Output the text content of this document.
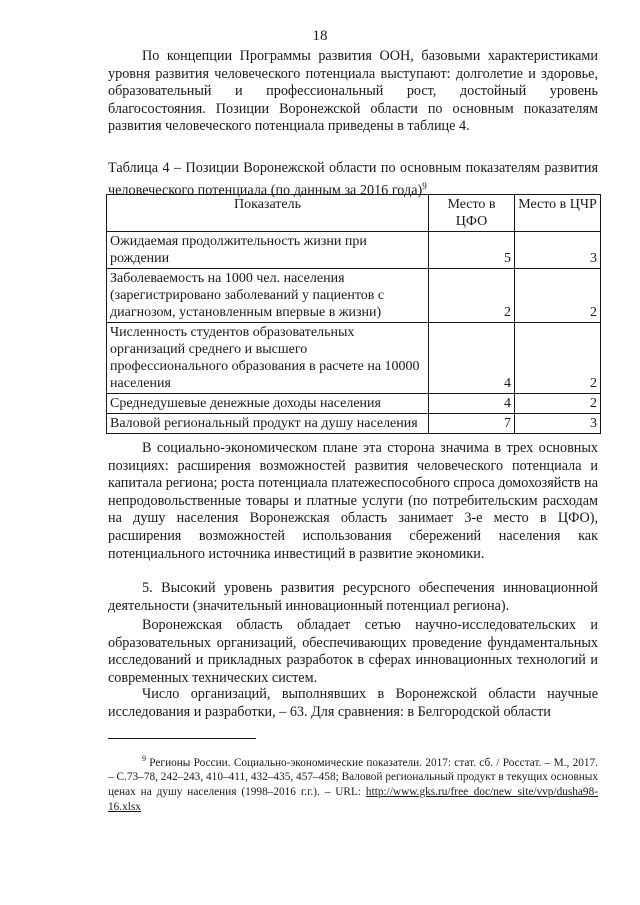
18

По концепции Программы развития ООН, базовыми характеристиками уровня развития человеческого потенциала выступают: долголетие и здоровье, образовательный и профессиональный рост, достойный уровень благосостояния. Позиции Воронежской области по основным показателям развития человеческого потенциала приведены в таблице 4.

Таблица 4 – Позиции Воронежской области по основным показателям развития человеческого потенциала (по данным за 2016 года)$^9$

Показатель	Место в ЦФО	Место в ЦЧР
Ожидаемая продолжительность жизни при рождении	5	3
Заболеваемость на 1000 чел. населения (зарегистрировано заболеваний у пациентов с диагнозом, установленным впервые в жизни)	2	2
Численность студентов образовательных организаций среднего и высшего профессионального образования в расчете на 10000 населения	4	2
Среднедушевые денежные доходы населения	4	2
Валовой региональный продукт на душу населения	7	3

В социально-экономическом плане эта сторона значима в трех основных позициях: расширения возможностей развития человеческого потенциала и капитала региона; роста потенциала платежеспособного спроса домохозяйств на непродовольственные товары и платные услуги (по потребительским расходам на душу населения Воронежская область занимает 3-е место в ЦФО), расширения возможностей использования сбережений населения как потенциального источника инвестиций в развитие экономики.

5. Высокий уровень развития ресурсного обеспечения инновационной деятельности (значительный инновационный потенциал региона).

Воронежская область обладает сетью научно-исследовательских и образовательных организаций, обеспечивающих проведение фундаментальных исследований и прикладных разработок в сферах инновационных технологий и современных технических систем.

Число организаций, выполнявших в Воронежской области научные исследования и разработки, – 63. Для сравнения: в Белгородской области

$^9$ Регионы России. Социально-экономические показатели. 2017: стат. сб. / Росстат. – М., 2017. – С.73–78, 242–243, 410–411, 432–435, 457–458; Валовой региональный продукт в текущих основных ценах на душу населения (1998–2016 г.г.). – URL: http://www.gks.ru/free_doc/new_site/vvp/dusha98-16.xlsx
